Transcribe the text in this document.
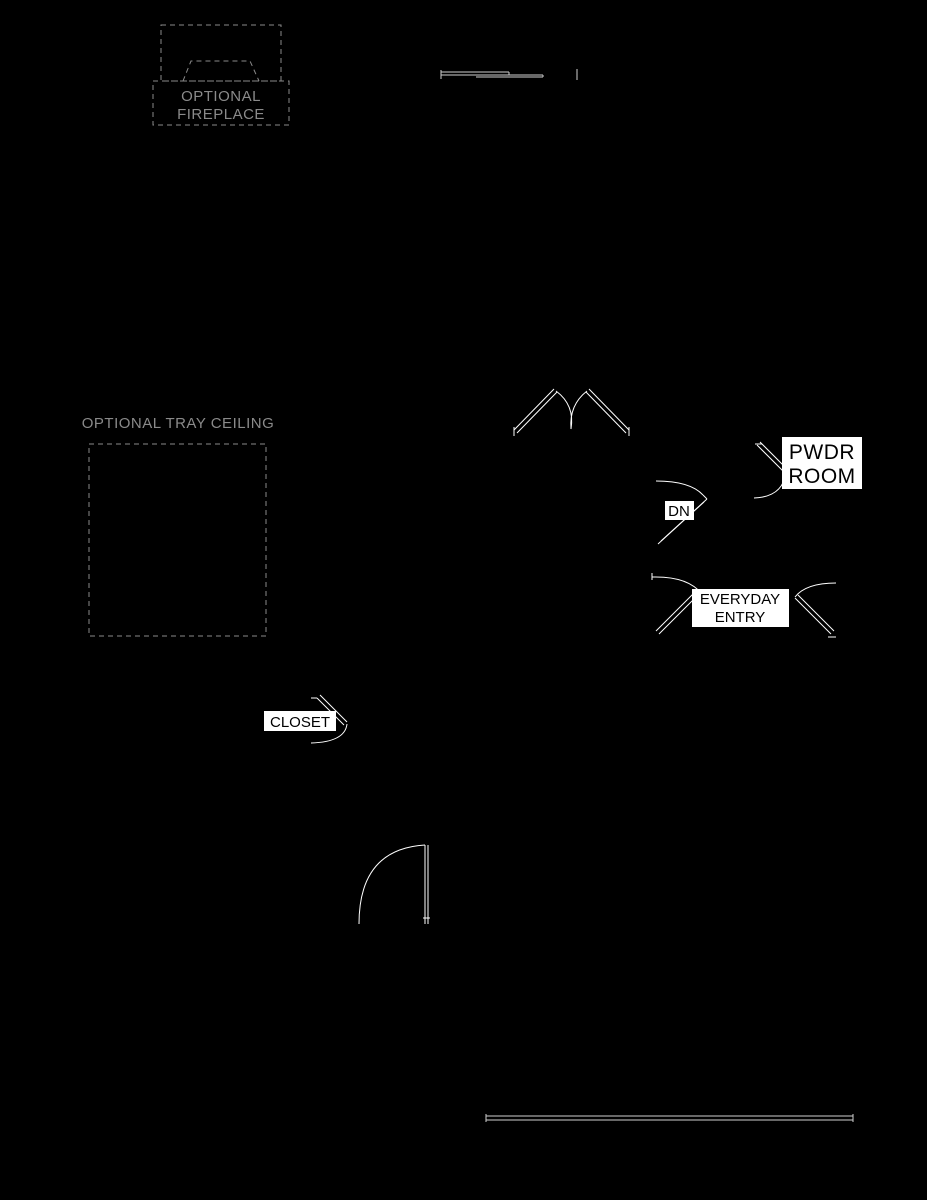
OPTIONAL
FIREPLACE
OPTIONAL TRAY CEILING
PWDR
ROOM
DN
EVERYDAY
ENTRY
CLOSET
